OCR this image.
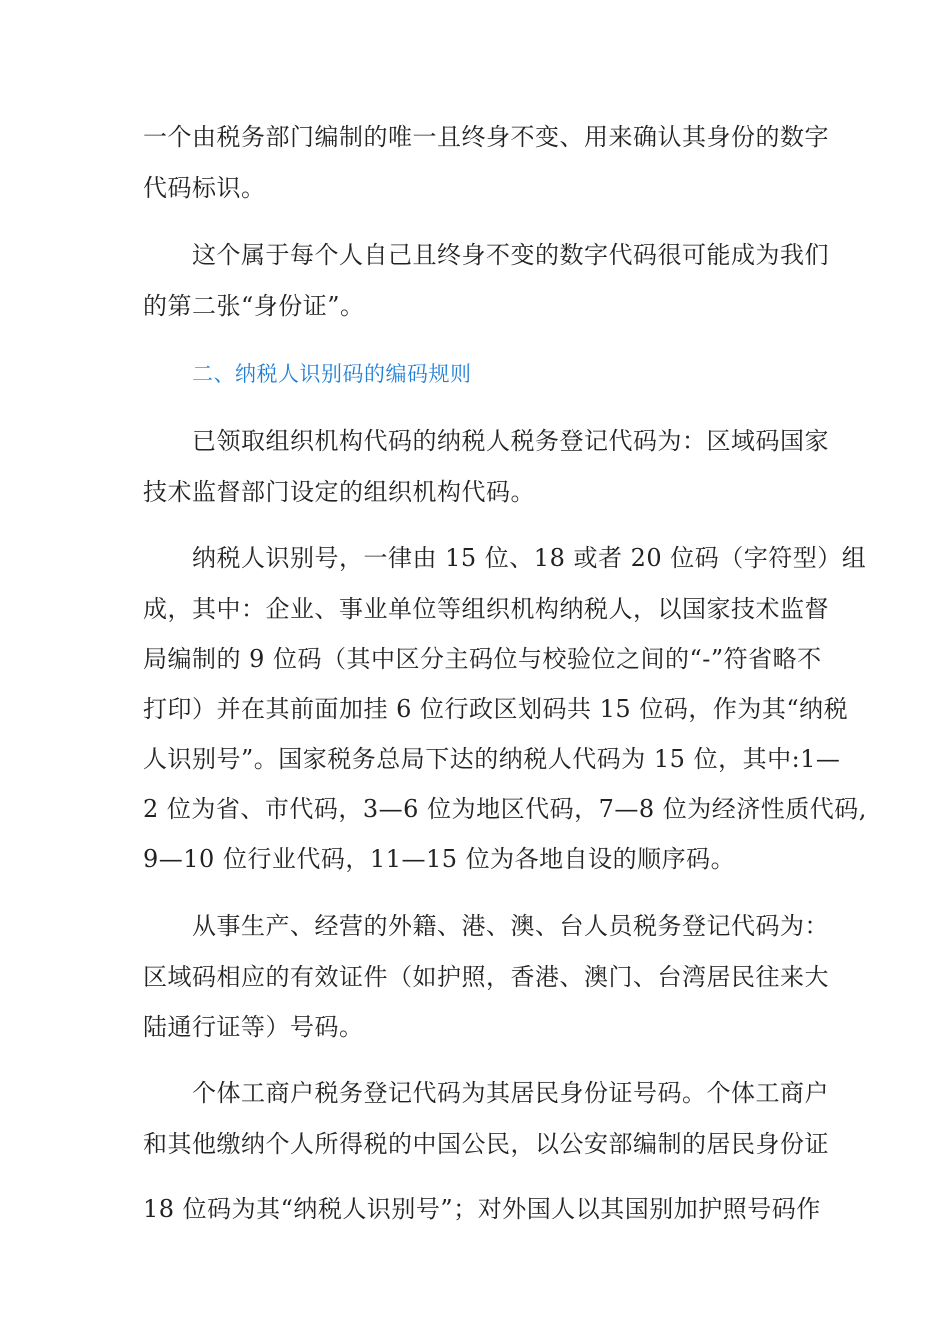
一个由税务部门编制的唯一且终身不变、用来确认其身份的数字
代码标识。
这个属于每个人自己且终身不变的数字代码很可能成为我们
的第二张“身份证”。
二、纳税人识别码的编码规则
已领取组织机构代码的纳税人税务登记代码为：区域码国家
技术监督部门设定的组织机构代码。
纳税人识别号，一律由 15 位、18 或者 20 位码（字符型）组
成，其中：企业、事业单位等组织机构纳税人，以国家技术监督
局编制的 9 位码（其中区分主码位与校验位之间的“-”符省略不
打印）并在其前面加挂 6 位行政区划码共 15 位码，作为其“纳税
人识别号”。国家税务总局下达的纳税人代码为 15 位，其中:1—
2 位为省、市代码，3—6 位为地区代码，7—8 位为经济性质代码,
9—10 位行业代码，11—15 位为各地自设的顺序码。
从事生产、经营的外籍、港、澳、台人员税务登记代码为：
区域码相应的有效证件（如护照，香港、澳门、台湾居民往来大
陆通行证等）号码。
个体工商户税务登记代码为其居民身份证号码。个体工商户
和其他缴纳个人所得税的中国公民，以公安部编制的居民身份证
18 位码为其“纳税人识别号”；对外国人以其国别加护照号码作
